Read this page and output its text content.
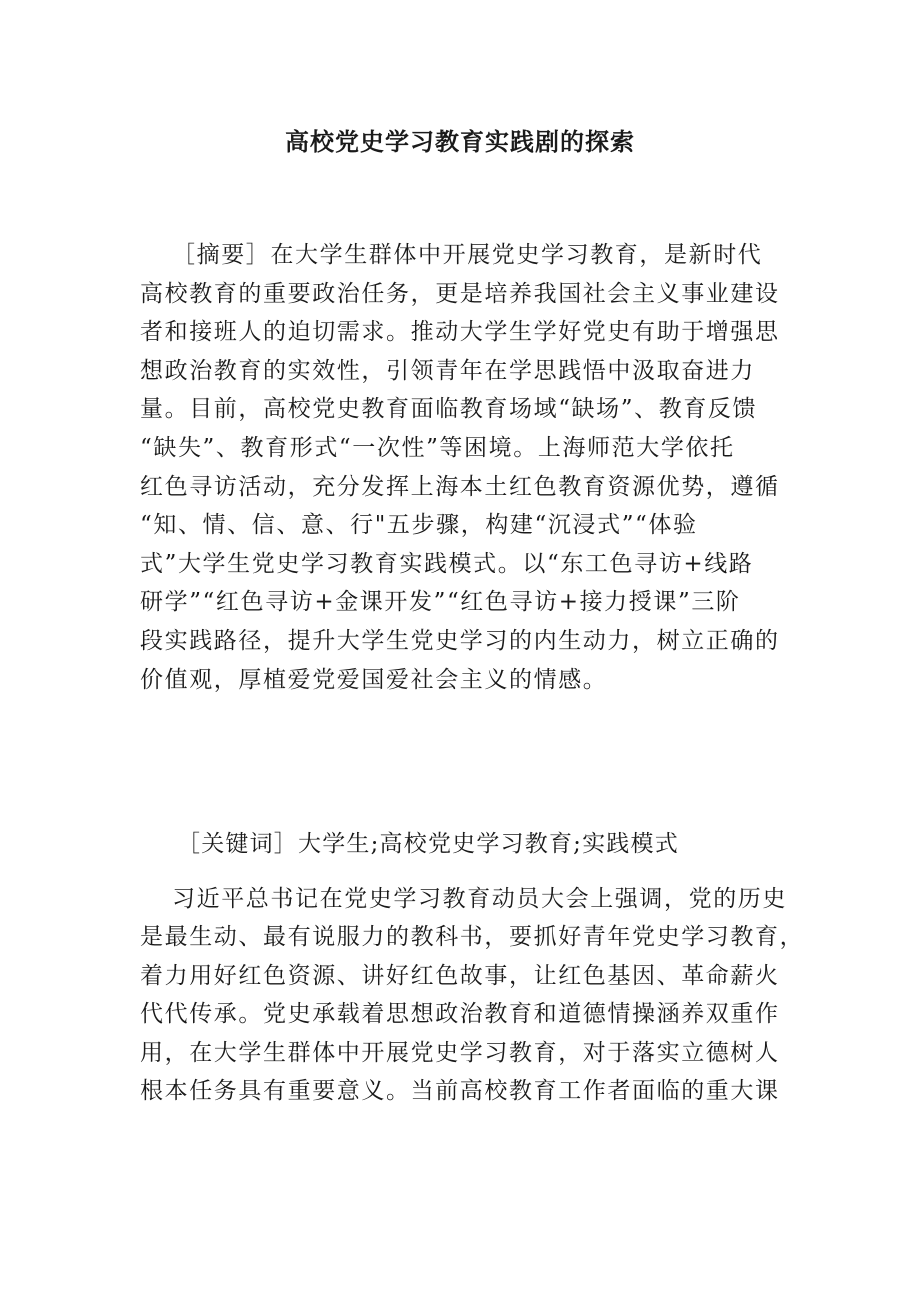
高校党史学习教育实践剧的探索
［摘要］在大学生群体中开展党史学习教育，是新时代
高校教育的重要政治任务，更是培养我国社会主义事业建设
者和接班人的迫切需求。推动大学生学好党史有助于增强思
想政治教育的实效性，引领青年在学思践悟中汲取奋进力
量。目前，高校党史教育面临教育场域“缺场”、教育反馈
“缺失”、教育形式“一次性”等困境。上海师范大学依托
红色寻访活动，充分发挥上海本土红色教育资源优势，遵循
“知、情、信、意、行"五步骤，构建“沉浸式”“体验
式”大学生党史学习教育实践模式。以“东工色寻访+线路
研学”“红色寻访+金课开发”“红色寻访+接力授课”三阶
段实践路径，提升大学生党史学习的内生动力，树立正确的
价值观，厚植爱党爱国爱社会主义的情感。

［关键词］大学生;高校党史学习教育;实践模式

习近平总书记在党史学习教育动员大会上强调，党的历史
是最生动、最有说服力的教科书，要抓好青年党史学习教育，
着力用好红色资源、讲好红色故事，让红色基因、革命薪火
代代传承。党史承载着思想政治教育和道德情操涵养双重作
用，在大学生群体中开展党史学习教育，对于落实立德树人
根本任务具有重要意义。当前高校教育工作者面临的重大课
